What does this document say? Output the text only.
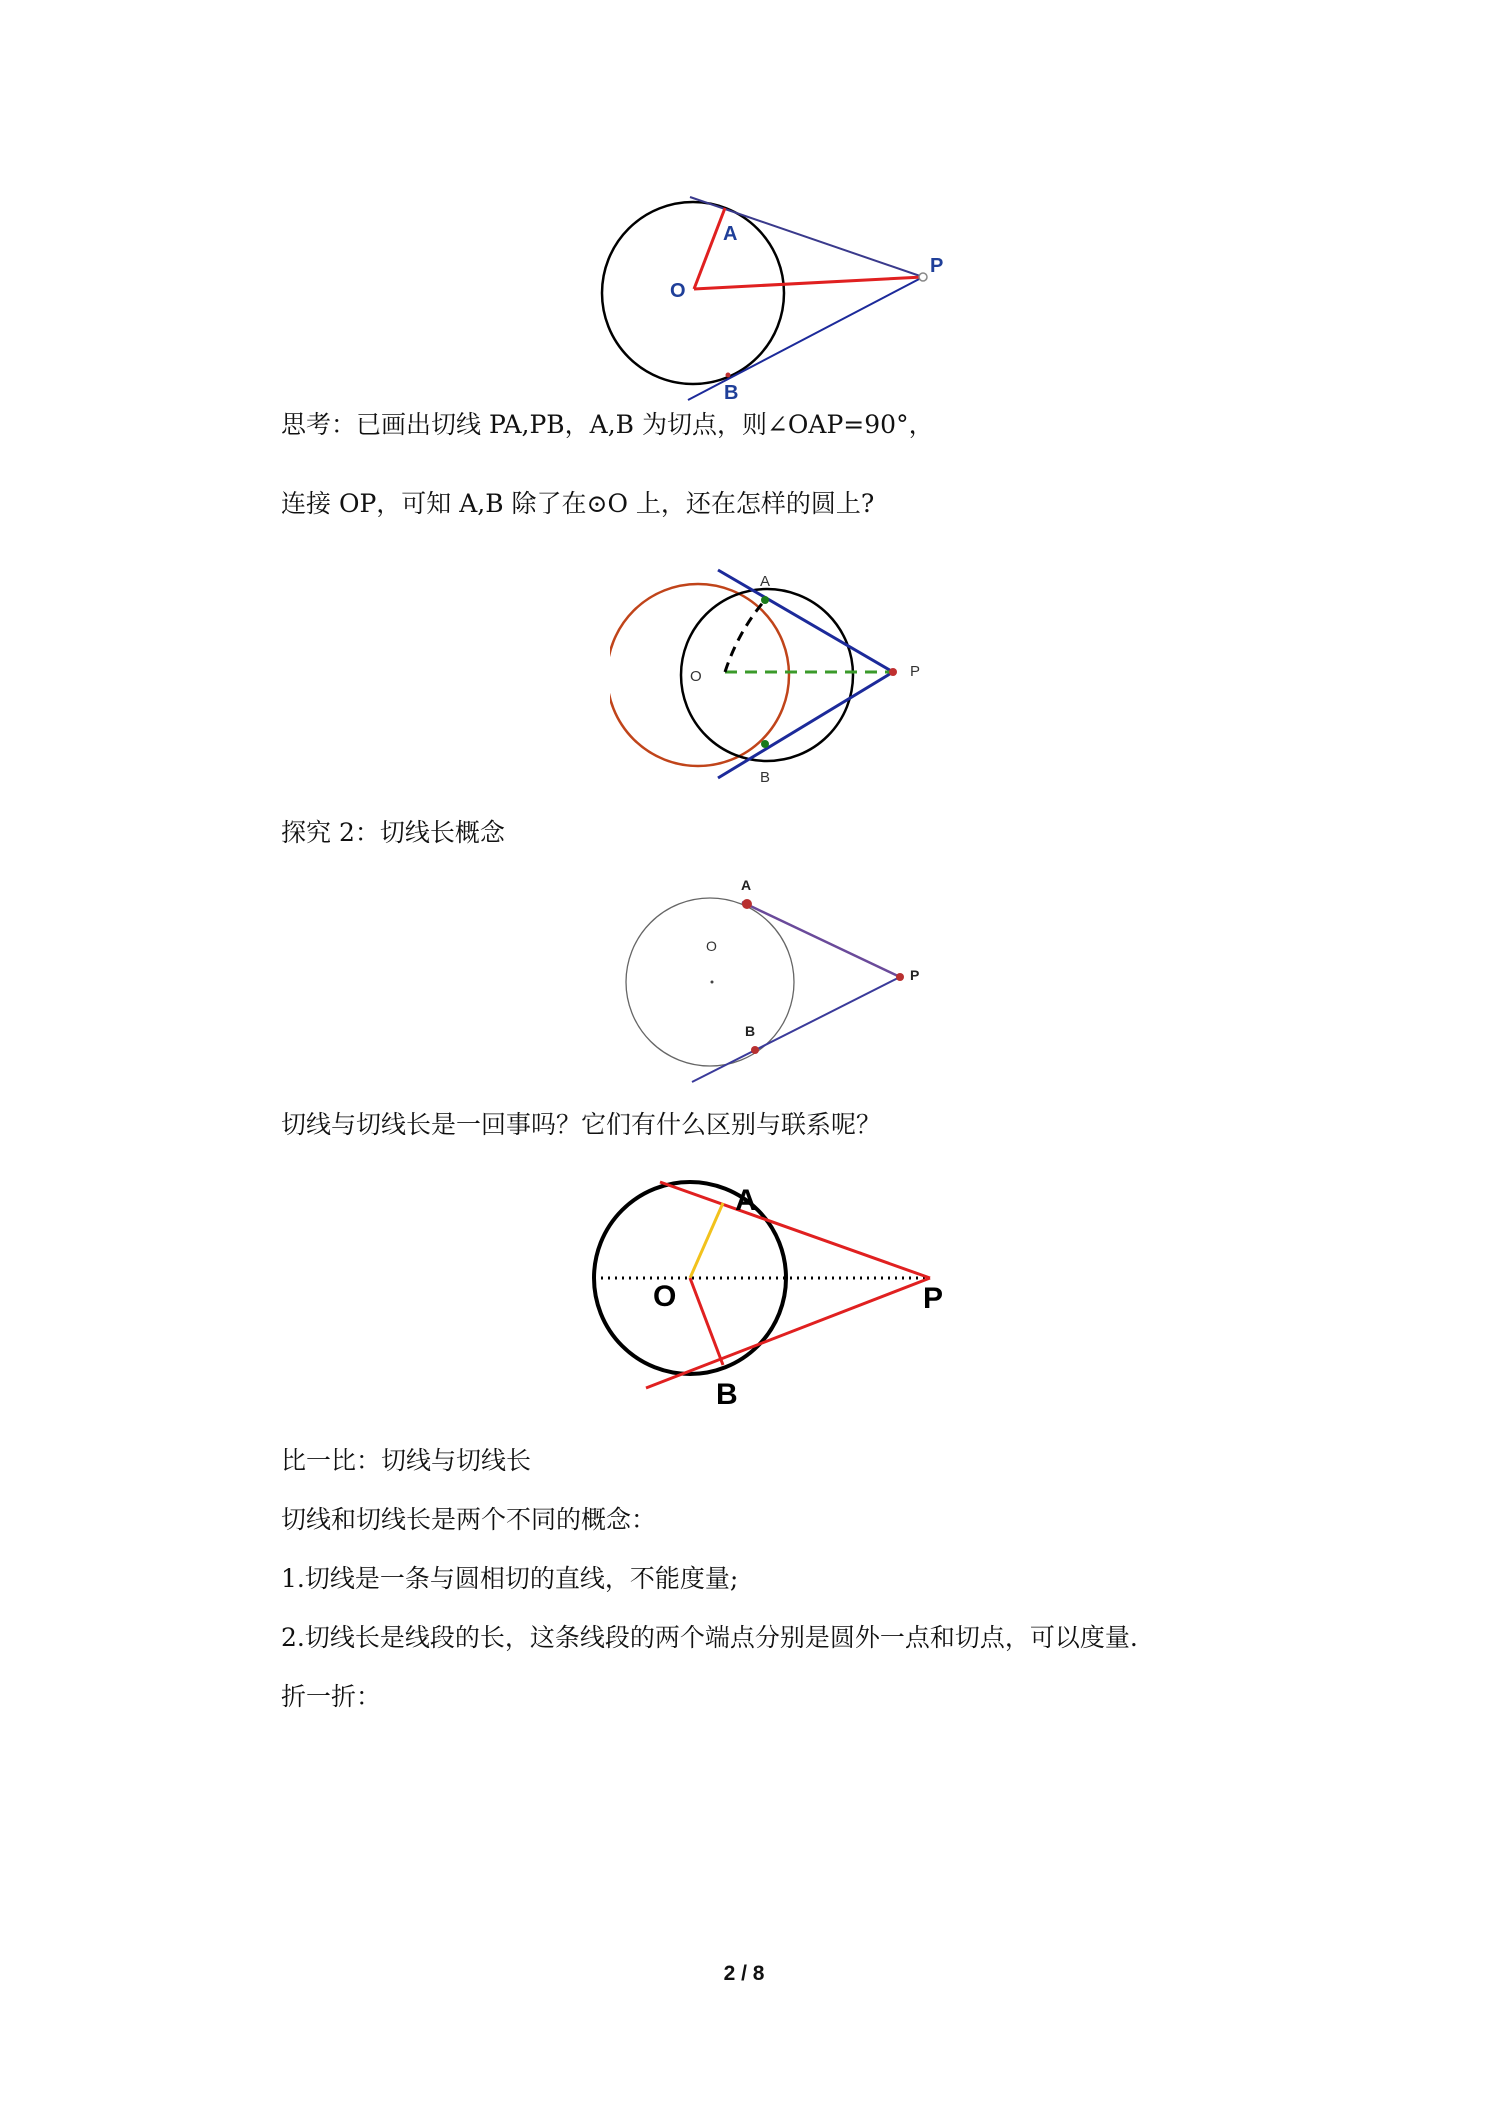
A
O
P
B

思考：已画出切线 PA,PB，A,B 为切点，则∠OAP=90°，

连接 OP，可知 A,B 除了在⊙O 上，还在怎样的圆上?

A
O	P
B

探究 2：切线长概念

A
O
P
B

切线与切线长是一回事吗？它们有什么区别与联系呢？

A
O	P
B

比一比：切线与切线长

切线和切线长是两个不同的概念：

1.切线是一条与圆相切的直线，不能度量;

2.切线长是线段的长，这条线段的两个端点分别是圆外一点和切点，可以度量.

折一折：

2 / 8
